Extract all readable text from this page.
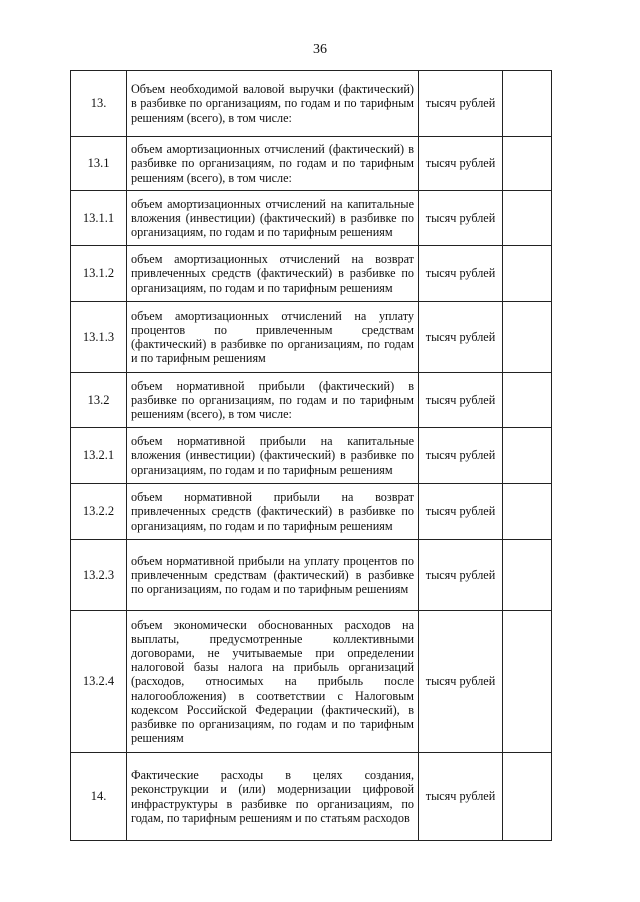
36
13.	Объем необходимой валовой выручки (фактический) в разбивке по организациям, по годам и по тарифным решениям (всего), в том числе:	тысяч рублей	
13.1	объем амортизационных отчислений (фактический) в разбивке по организациям, по годам и по тарифным решениям (всего), в том числе:	тысяч рублей	
13.1.1	объем амортизационных отчислений на капитальные вложения (инвестиции) (фактический) в разбивке по организациям, по годам и по тарифным решениям	тысяч рублей	
13.1.2	объем амортизационных отчислений на возврат привлеченных средств (фактический) в разбивке по организациям, по годам и по тарифным решениям	тысяч рублей	
13.1.3	объем амортизационных отчислений на уплату процентов по привлеченным средствам (фактический) в разбивке по организациям, по годам и по тарифным решениям	тысяч рублей	
13.2	объем нормативной прибыли (фактический) в разбивке по организациям, по годам и по тарифным решениям (всего), в том числе:	тысяч рублей	
13.2.1	объем нормативной прибыли на капитальные вложения (инвестиции) (фактический) в разбивке по организациям, по годам и по тарифным решениям	тысяч рублей	
13.2.2	объем нормативной прибыли на возврат привлеченных средств (фактический) в разбивке по организациям, по годам и по тарифным решениям	тысяч рублей	
13.2.3	объем нормативной прибыли на уплату процентов по привлеченным средствам (фактический) в разбивке по организациям, по годам и по тарифным решениям	тысяч рублей	
13.2.4	объем экономически обоснованных расходов на выплаты, предусмотренные коллективными договорами, не учитываемые при определении налоговой базы налога на прибыль организаций (расходов, относимых на прибыль после налогообложения) в соответствии с Налоговым кодексом Российской Федерации (фактический), в разбивке по организациям, по годам и по тарифным решениям	тысяч рублей	
14.	Фактические расходы в целях создания, реконструкции и (или) модернизации цифровой инфраструктуры в разбивке по организациям, по годам, по тарифным решениям и по статьям расходов	тысяч рублей	
